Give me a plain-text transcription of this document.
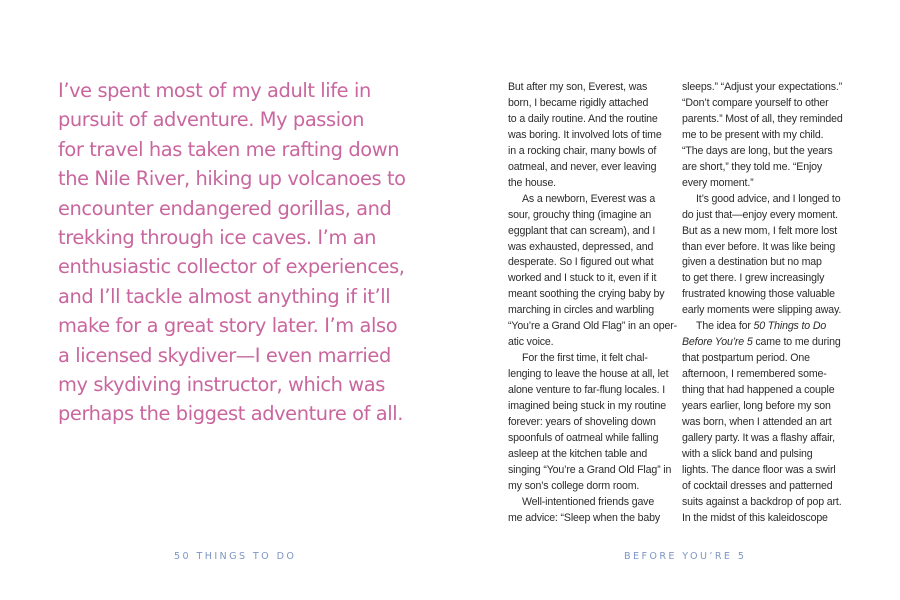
I’ve spent most of my adult life in
pursuit of adventure. My passion
for travel has taken me rafting down
the Nile River, hiking up volcanoes to
encounter endangered gorillas, and
trekking through ice caves. I’m an
enthusiastic collector of experiences,
and I’ll tackle almost anything if it’ll
make for a great story later. I’m also
a licensed skydiver—I even married
my skydiving instructor, which was
perhaps the biggest adventure of all.

50 THINGS TO DO
But after my son, Everest, was
born, I became rigidly attached
to a daily routine. And the routine
was boring. It involved lots of time
in a rocking chair, many bowls of
oatmeal, and never, ever leaving
the house.
As a newborn, Everest was a
sour, grouchy thing (imagine an
eggplant that can scream), and I
was exhausted, depressed, and
desperate. So I figured out what
worked and I stuck to it, even if it
meant soothing the crying baby by
marching in circles and warbling
“You’re a Grand Old Flag” in an oper-
atic voice.
For the first time, it felt chal-
lenging to leave the house at all, let
alone venture to far-flung locales. I
imagined being stuck in my routine
forever: years of shoveling down
spoonfuls of oatmeal while falling
asleep at the kitchen table and
singing “You’re a Grand Old Flag” in
my son’s college dorm room.
Well-intentioned friends gave
me advice: “Sleep when the baby
sleeps.” “Adjust your expectations.”
“Don’t compare yourself to other
parents.” Most of all, they reminded
me to be present with my child.
“The days are long, but the years
are short,” they told me. “Enjoy
every moment.”
It’s good advice, and I longed to
do just that—enjoy every moment.
But as a new mom, I felt more lost
than ever before. It was like being
given a destination but no map
to get there. I grew increasingly
frustrated knowing those valuable
early moments were slipping away.
The idea for 50 Things to Do
Before You’re 5 came to me during
that postpartum period. One
afternoon, I remembered some-
thing that had happened a couple
years earlier, long before my son
was born, when I attended an art
gallery party. It was a flashy affair,
with a slick band and pulsing
lights. The dance floor was a swirl
of cocktail dresses and patterned
suits against a backdrop of pop art.
In the midst of this kaleidoscope
BEFORE YOU’RE 5
